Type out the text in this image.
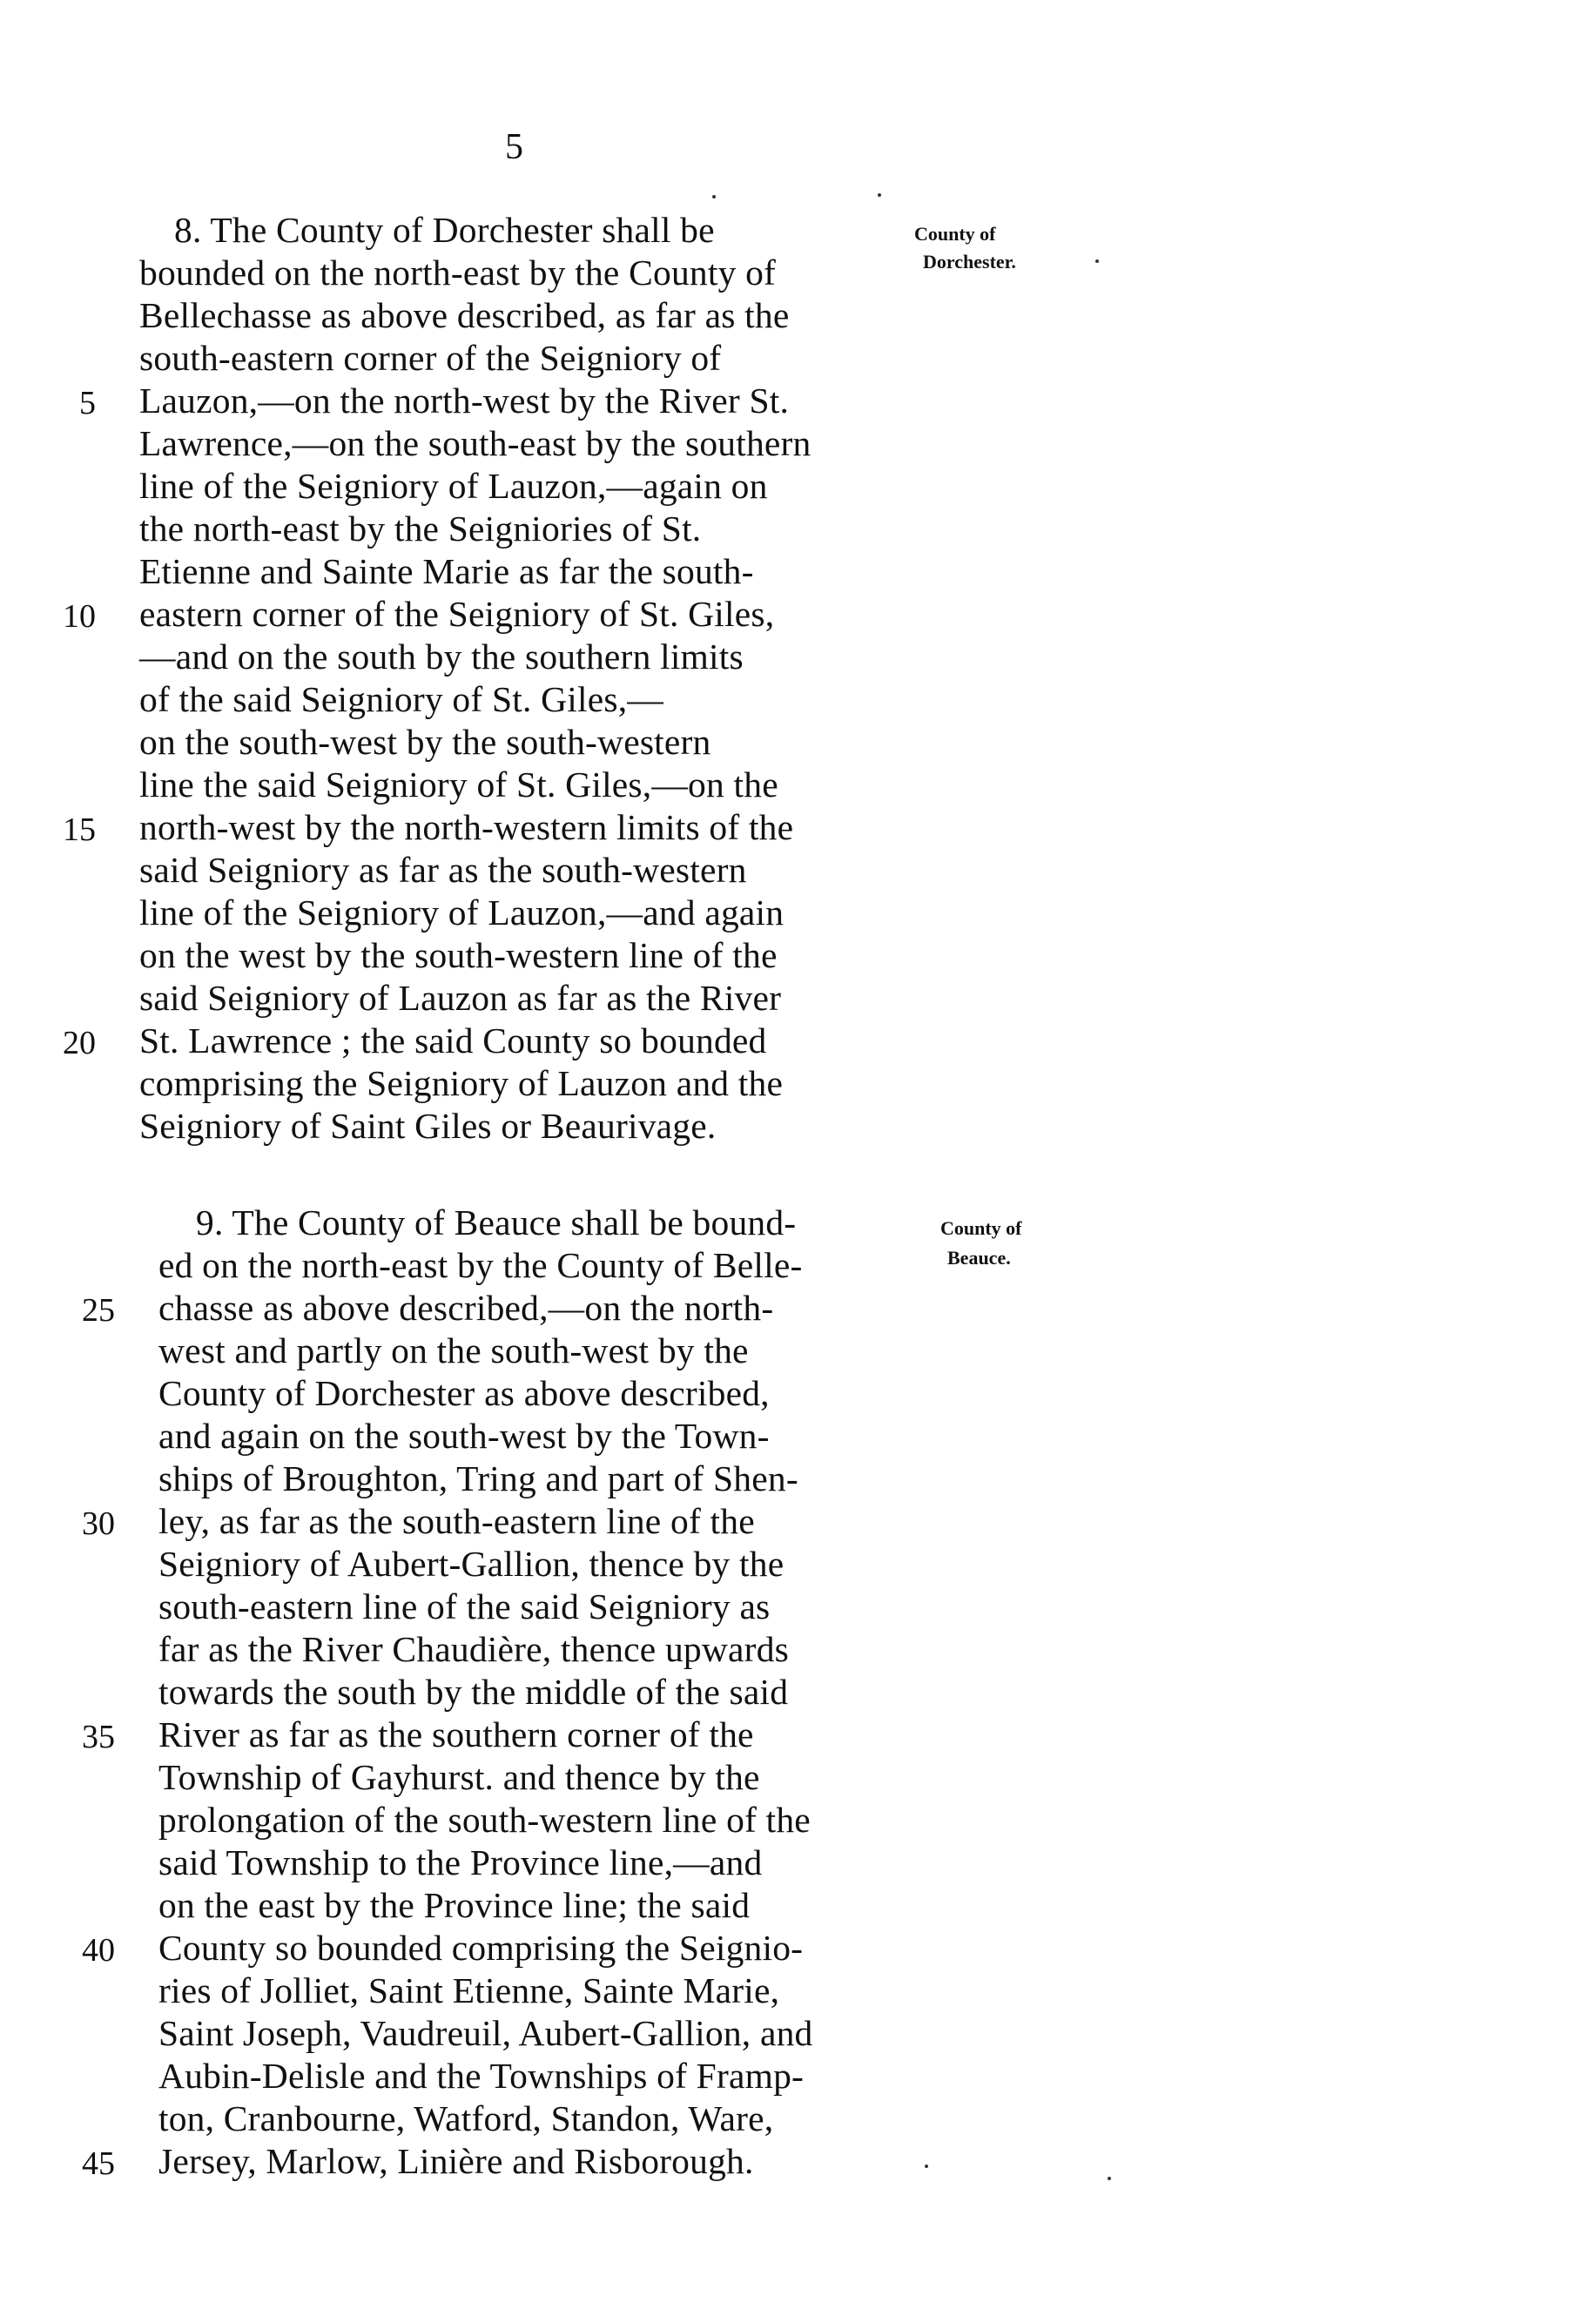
5
County of
Dorchester.
8. The County of Dorchester shall be
bounded on the north-east by the County of
Bellechasse as above described, as far as the
south-eastern corner of the Seigniory of
5 Lauzon,—on the north-west by the River St.
Lawrence,—on the south-east by the southern
line of the Seigniory of Lauzon,—again on
the north-east by the Seigniories of St.
Etienne and Sainte Marie as far the south-
10 eastern corner of the Seigniory of St. Giles,
—and on the south by the southern limits
of the said Seigniory of St. Giles,—
on the south-west by the south-western
line the said Seigniory of St. Giles,—on the
15 north-west by the north-western limits of the
said Seigniory as far as the south-western
line of the Seigniory of Lauzon,—and again
on the west by the south-western line of the
said Seigniory of Lauzon as far as the River
20 St. Lawrence ; the said County so bounded
comprising the Seigniory of Lauzon and the
Seigniory of Saint Giles or Beaurivage.
County of
Beauce.
9. The County of Beauce shall be bound-
ed on the north-east by the County of Belle-
25 chasse as above described,—on the north-
west and partly on the south-west by the
County of Dorchester as above described,
and again on the south-west by the Town-
ships of Broughton, Tring and part of Shen-
30 ley, as far as the south-eastern line of the
Seigniory of Aubert-Gallion, thence by the
south-eastern line of the said Seigniory as
far as the River Chaudière, thence upwards
towards the south by the middle of the said
35 River as far as the southern corner of the
Township of Gayhurst. and thence by the
prolongation of the south-western line of the
said Township to the Province line,—and
on the east by the Province line; the said
40 County so bounded comprising the Seignio-
ries of Jolliet, Saint Etienne, Sainte Marie,
Saint Joseph, Vaudreuil, Aubert-Gallion, and
Aubin-Delisle and the Townships of Framp-
ton, Cranbourne, Watford, Standon, Ware,
45 Jersey, Marlow, Linière and Risborough.
